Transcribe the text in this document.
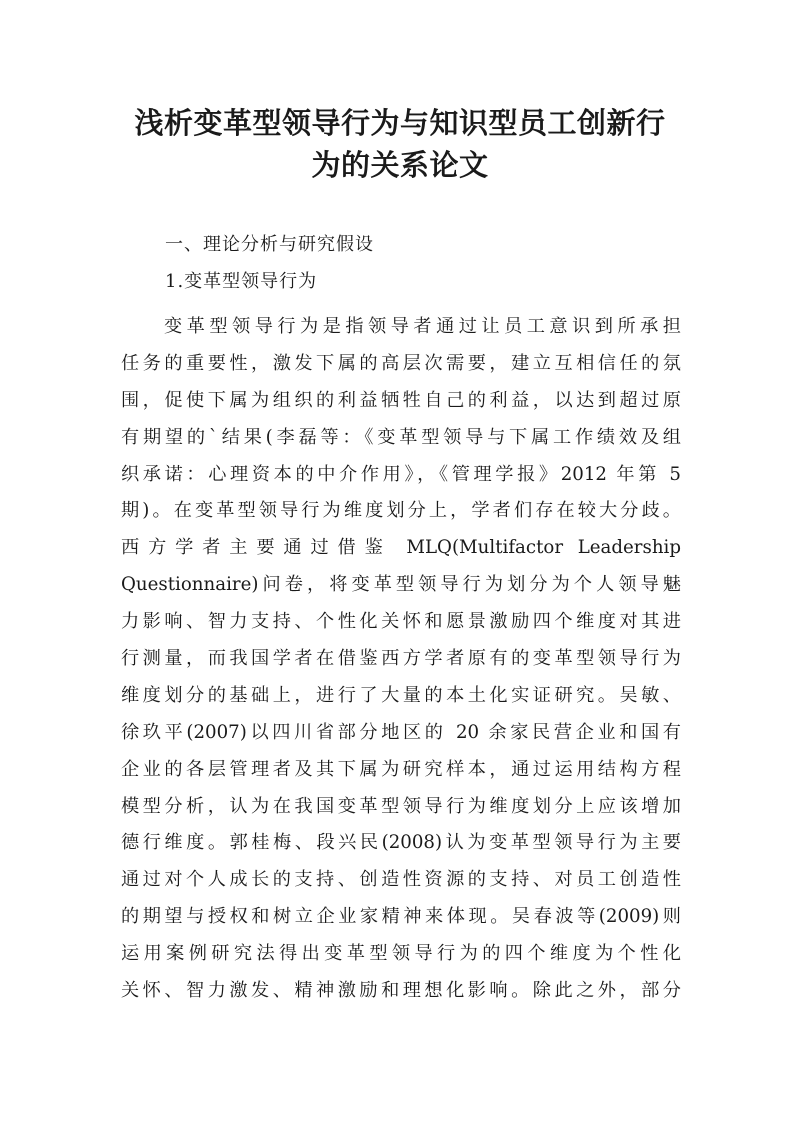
浅析变革型领导行为与知识型员工创新行
为的关系论文

一、理论分析与研究假设

1.变革型领导行为

变革型领导行为是指领导者通过让员工意识到所承担
任务的重要性，激发下属的高层次需要，建立互相信任的氛
围，促使下属为组织的利益牺牲自己的利益，以达到超过原
有期望的`结果(李磊等：《变革型领导与下属工作绩效及组
织承诺：心理资本的中介作用》，《管理学报》2012 年第 5
期)。在变革型领导行为维度划分上，学者们存在较大分歧。
西方学者主要通过借鉴 MLQ(Multifactor Leadership
Questionnaire)问卷，将变革型领导行为划分为个人领导魅
力影响、智力支持、个性化关怀和愿景激励四个维度对其进
行测量，而我国学者在借鉴西方学者原有的变革型领导行为
维度划分的基础上，进行了大量的本土化实证研究。吴敏、
徐玖平(2007)以四川省部分地区的 20 余家民营企业和国有
企业的各层管理者及其下属为研究样本，通过运用结构方程
模型分析，认为在我国变革型领导行为维度划分上应该增加
德行维度。郭桂梅、段兴民(2008)认为变革型领导行为主要
通过对个人成长的支持、创造性资源的支持、对员工创造性
的期望与授权和树立企业家精神来体现。吴春波等(2009)则
运用案例研究法得出变革型领导行为的四个维度为个性化
关怀、智力激发、精神激励和理想化影响。除此之外，部分
